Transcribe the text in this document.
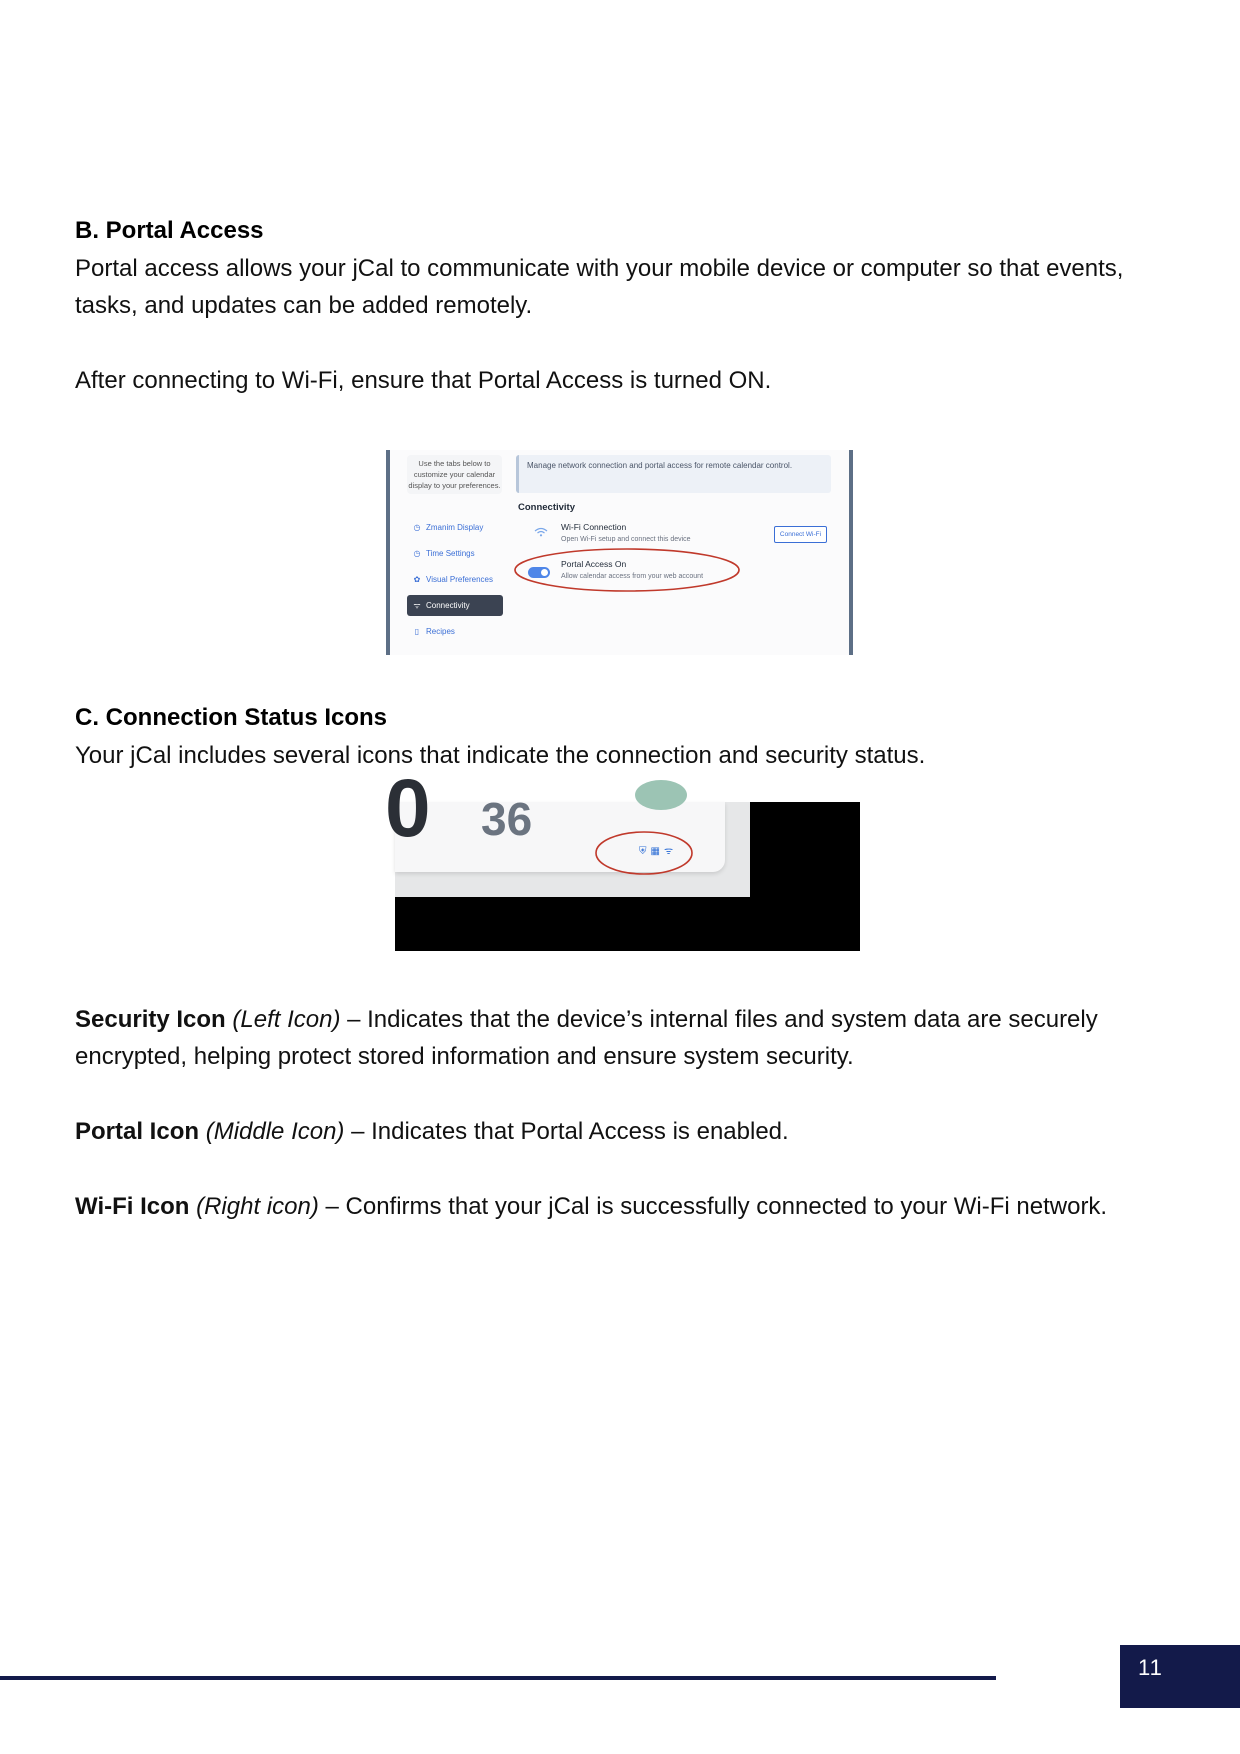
B. Portal Access
Portal access allows your jCal to communicate with your mobile device or computer so that events, tasks, and updates can be added remotely.
After connecting to Wi-Fi, ensure that Portal Access is turned ON.
Use the tabs below to customize your calendar display to your preferences.
◷ Zmanim Display
◷ Time Settings
✿ Visual Preferences
ᯤ Connectivity
▯ Recipes
Manage network connection and portal access for remote calendar control.
Connectivity
Wi-Fi Connection
Open Wi-Fi setup and connect this device
Connect Wi-Fi
Portal Access On
Allow calendar access from your web account
C. Connection Status Icons
Your jCal includes several icons that indicate the connection and security status.
0 36
⛨ ▦ ᯤ
Security Icon (Left Icon) – Indicates that the device’s internal files and system data are securely encrypted, helping protect stored information and ensure system security.
Portal Icon (Middle Icon) – Indicates that Portal Access is enabled.
Wi-Fi Icon (Right icon) – Confirms that your jCal is successfully connected to your Wi-Fi network.
11
